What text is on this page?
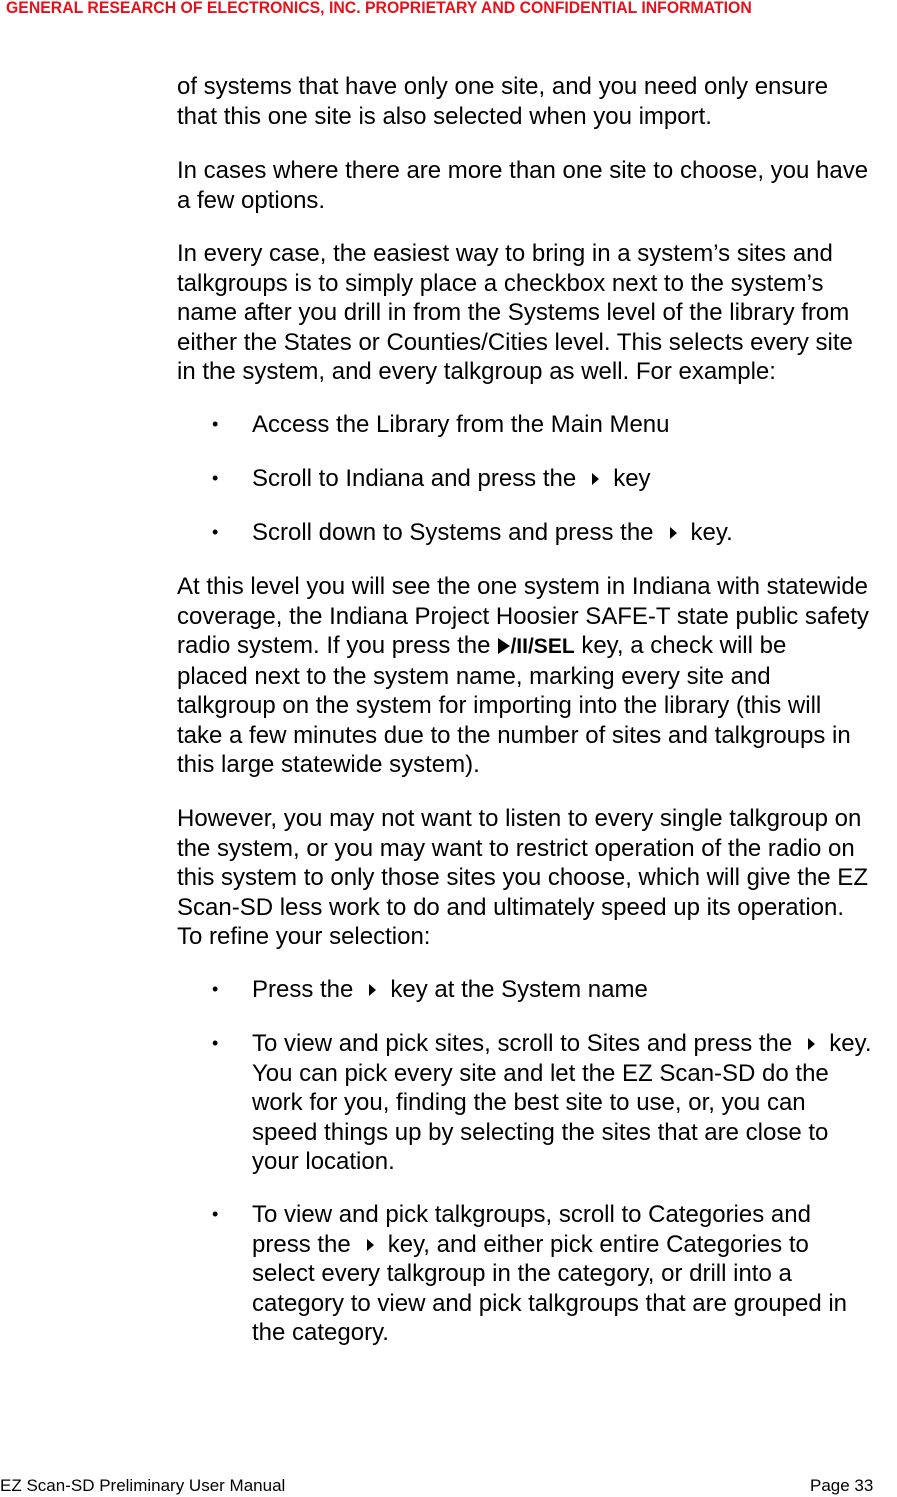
GENERAL RESEARCH OF ELECTRONICS, INC. PROPRIETARY AND CONFIDENTIAL INFORMATION
of systems that have only one site, and you need only ensure
that this one site is also selected when you import.
In cases where there are more than one site to choose, you have
a few options.
In every case, the easiest way to bring in a system’s sites and
talkgroups is to simply place a checkbox next to the system’s
name after you drill in from the Systems level of the library from
either the States or Counties/Cities level. This selects every site
in the system, and every talkgroup as well. For example:
• Access the Library from the Main Menu
• Scroll to Indiana and press the key
• Scroll down to Systems and press the key.
At this level you will see the one system in Indiana with statewide
coverage, the Indiana Project Hoosier SAFE-T state public safety
radio system. If you press the /II/SEL key, a check will be
placed next to the system name, marking every site and
talkgroup on the system for importing into the library (this will
take a few minutes due to the number of sites and talkgroups in
this large statewide system).
However, you may not want to listen to every single talkgroup on
the system, or you may want to restrict operation of the radio on
this system to only those sites you choose, which will give the EZ
Scan-SD less work to do and ultimately speed up its operation.
To refine your selection:
• Press the key at the System name
• To view and pick sites, scroll to Sites and press the key.
You can pick every site and let the EZ Scan-SD do the
work for you, finding the best site to use, or, you can
speed things up by selecting the sites that are close to
your location.
• To view and pick talkgroups, scroll to Categories and
press the key, and either pick entire Categories to
select every talkgroup in the category, or drill into a
category to view and pick talkgroups that are grouped in
the category.
EZ Scan-SD Preliminary User Manual	Page 33
